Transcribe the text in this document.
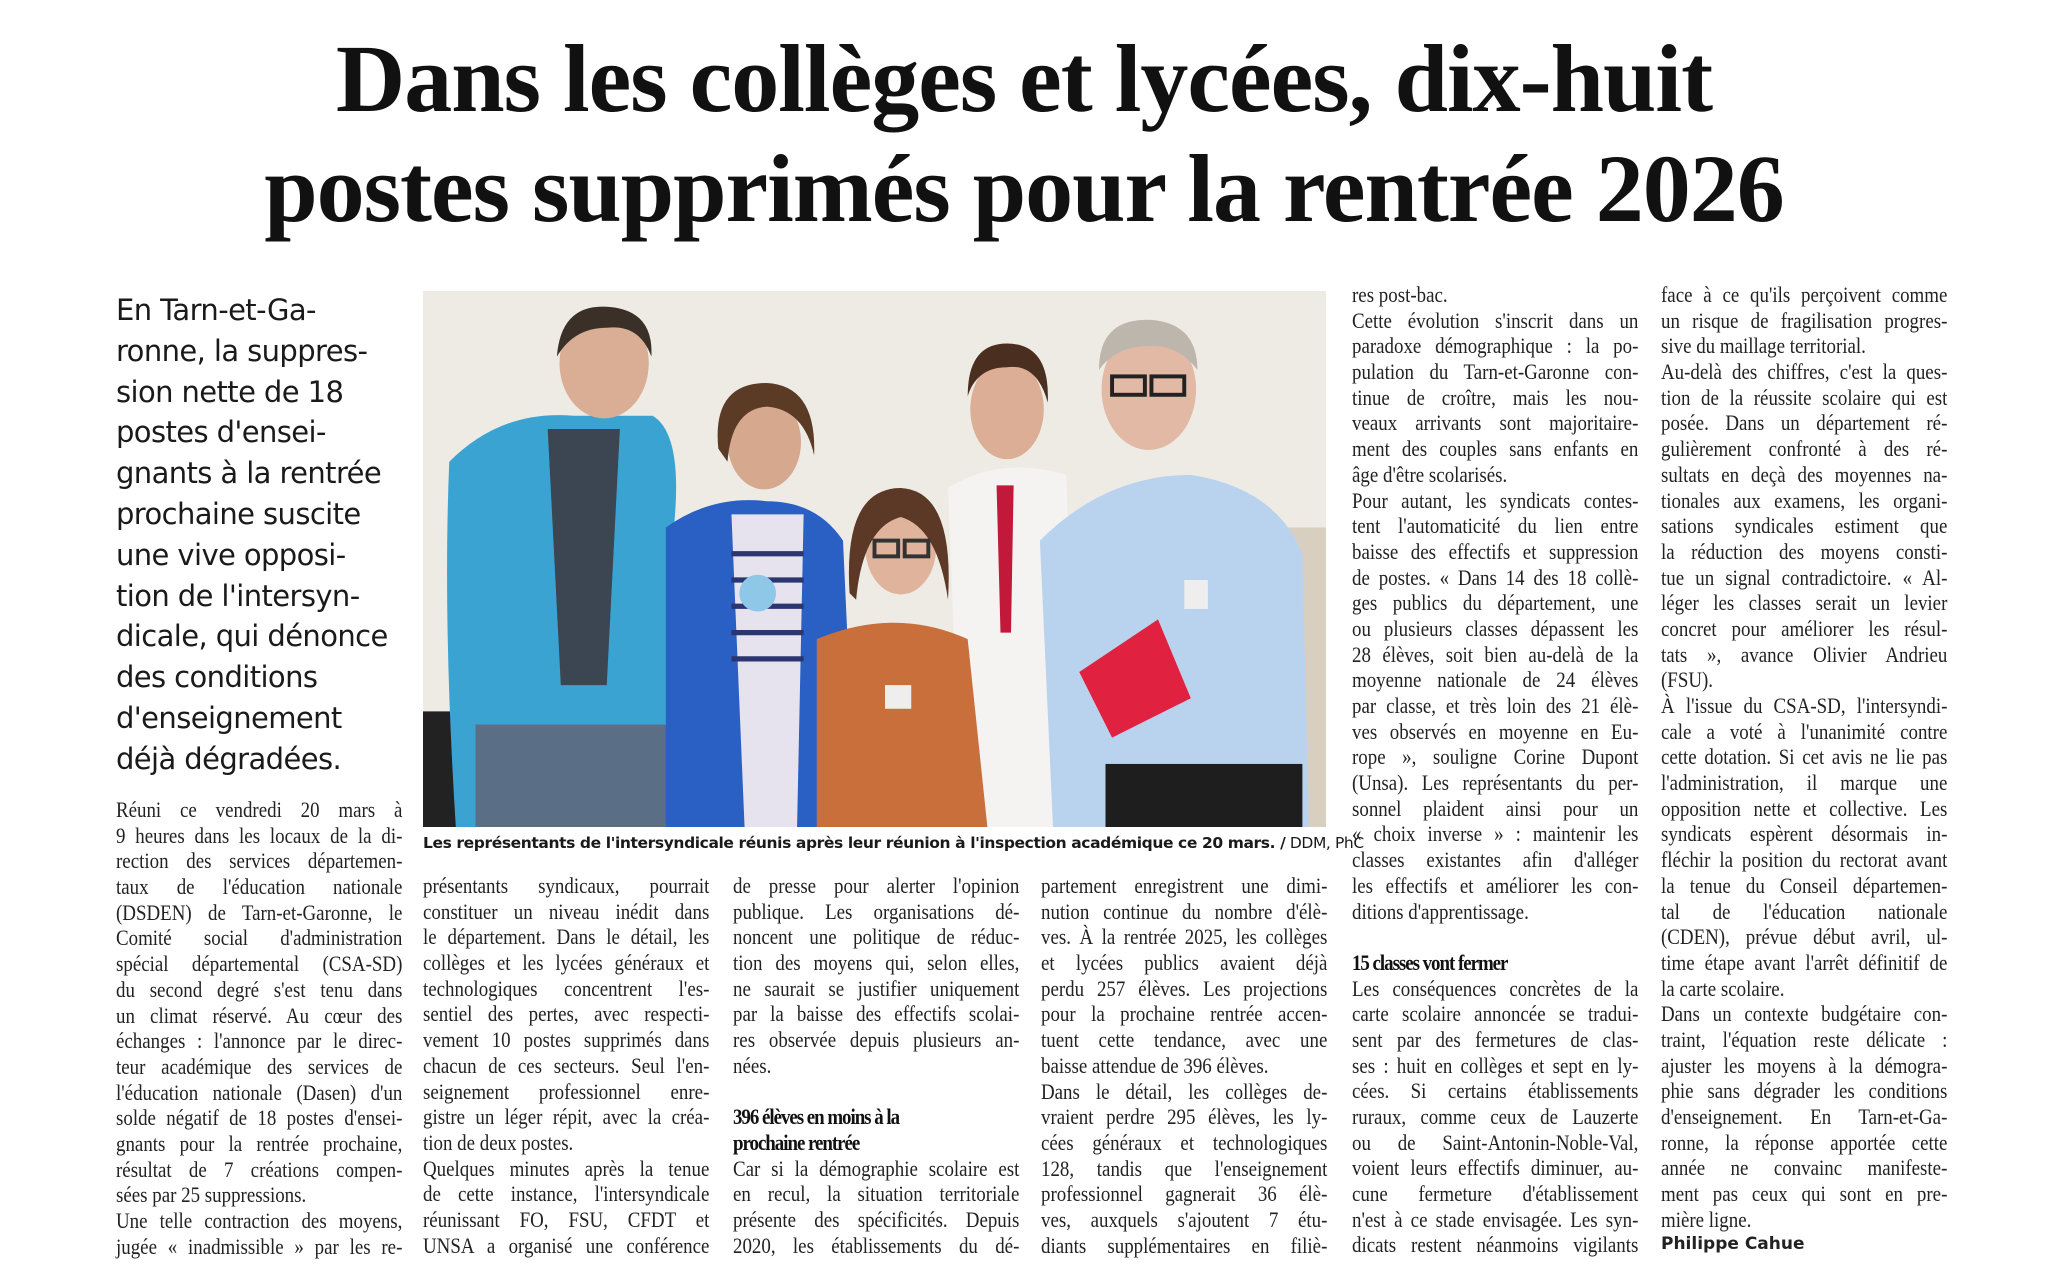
Dans les collèges et lycées, dix-huit
postes supprimés pour la rentrée 2026
En Tarn-et-Ga-
ronne, la suppres-
sion nette de 18
postes d'ensei-
gnants à la rentrée
prochaine suscite
une vive opposi-
tion de l'intersyn-
dicale, qui dénonce
des conditions
d'enseignement
déjà dégradées.
Les représentants de l'intersyndicale réunis après leur réunion à l'inspection académique ce 20 mars. / DDM, PhC
Réuni ce vendredi 20 mars à
9 heures dans les locaux de la di-
rection des services départemen-
taux de l'éducation nationale
(DSDEN) de Tarn-et-Garonne, le
Comité social d'administration
spécial départemental (CSA-SD)
du second degré s'est tenu dans
un climat réservé. Au cœur des
échanges : l'annonce par le direc-
teur académique des services de
l'éducation nationale (Dasen) d'un
solde négatif de 18 postes d'ensei-
gnants pour la rentrée prochaine,
résultat de 7 créations compen-
sées par 25 suppressions.
Une telle contraction des moyens,
jugée « inadmissible » par les re-
présentants syndicaux, pourrait
constituer un niveau inédit dans
le département. Dans le détail, les
collèges et les lycées généraux et
technologiques concentrent l'es-
sentiel des pertes, avec respecti-
vement 10 postes supprimés dans
chacun de ces secteurs. Seul l'en-
seignement professionnel enre-
gistre un léger répit, avec la créa-
tion de deux postes.
Quelques minutes après la tenue
de cette instance, l'intersyndicale
réunissant FO, FSU, CFDT et
UNSA a organisé une conférence
de presse pour alerter l'opinion
publique. Les organisations dé-
noncent une politique de réduc-
tion des moyens qui, selon elles,
ne saurait se justifier uniquement
par la baisse des effectifs scolai-
res observée depuis plusieurs an-
nées.
396 élèves en moins à la
prochaine rentrée
Car si la démographie scolaire est
en recul, la situation territoriale
présente des spécificités. Depuis
2020, les établissements du dé-
partement enregistrent une dimi-
nution continue du nombre d'élè-
ves. À la rentrée 2025, les collèges
et lycées publics avaient déjà
perdu 257 élèves. Les projections
pour la prochaine rentrée accen-
tuent cette tendance, avec une
baisse attendue de 396 élèves.
Dans le détail, les collèges de-
vraient perdre 295 élèves, les ly-
cées généraux et technologiques
128, tandis que l'enseignement
professionnel gagnerait 36 élè-
ves, auxquels s'ajoutent 7 étu-
diants supplémentaires en filiè-
res post-bac.
Cette évolution s'inscrit dans un
paradoxe démographique : la po-
pulation du Tarn-et-Garonne con-
tinue de croître, mais les nou-
veaux arrivants sont majoritaire-
ment des couples sans enfants en
âge d'être scolarisés.
Pour autant, les syndicats contes-
tent l'automaticité du lien entre
baisse des effectifs et suppression
de postes. « Dans 14 des 18 collè-
ges publics du département, une
ou plusieurs classes dépassent les
28 élèves, soit bien au-delà de la
moyenne nationale de 24 élèves
par classe, et très loin des 21 élè-
ves observés en moyenne en Eu-
rope », souligne Corine Dupont
(Unsa). Les représentants du per-
sonnel plaident ainsi pour un
« choix inverse » : maintenir les
classes existantes afin d'alléger
les effectifs et améliorer les con-
ditions d'apprentissage.
15 classes vont fermer
Les conséquences concrètes de la
carte scolaire annoncée se tradui-
sent par des fermetures de clas-
ses : huit en collèges et sept en ly-
cées. Si certains établissements
ruraux, comme ceux de Lauzerte
ou de Saint-Antonin-Noble-Val,
voient leurs effectifs diminuer, au-
cune fermeture d'établissement
n'est à ce stade envisagée. Les syn-
dicats restent néanmoins vigilants
face à ce qu'ils perçoivent comme
un risque de fragilisation progres-
sive du maillage territorial.
Au-delà des chiffres, c'est la ques-
tion de la réussite scolaire qui est
posée. Dans un département ré-
gulièrement confronté à des ré-
sultats en deçà des moyennes na-
tionales aux examens, les organi-
sations syndicales estiment que
la réduction des moyens consti-
tue un signal contradictoire. « Al-
léger les classes serait un levier
concret pour améliorer les résul-
tats », avance Olivier Andrieu
(FSU).
À l'issue du CSA-SD, l'intersyndi-
cale a voté à l'unanimité contre
cette dotation. Si cet avis ne lie pas
l'administration, il marque une
opposition nette et collective. Les
syndicats espèrent désormais in-
fléchir la position du rectorat avant
la tenue du Conseil départemen-
tal de l'éducation nationale
(CDEN), prévue début avril, ul-
time étape avant l'arrêt définitif de
la carte scolaire.
Dans un contexte budgétaire con-
traint, l'équation reste délicate :
ajuster les moyens à la démogra-
phie sans dégrader les conditions
d'enseignement. En Tarn-et-Ga-
ronne, la réponse apportée cette
année ne convainc manifeste-
ment pas ceux qui sont en pre-
mière ligne.
Philippe Cahue
